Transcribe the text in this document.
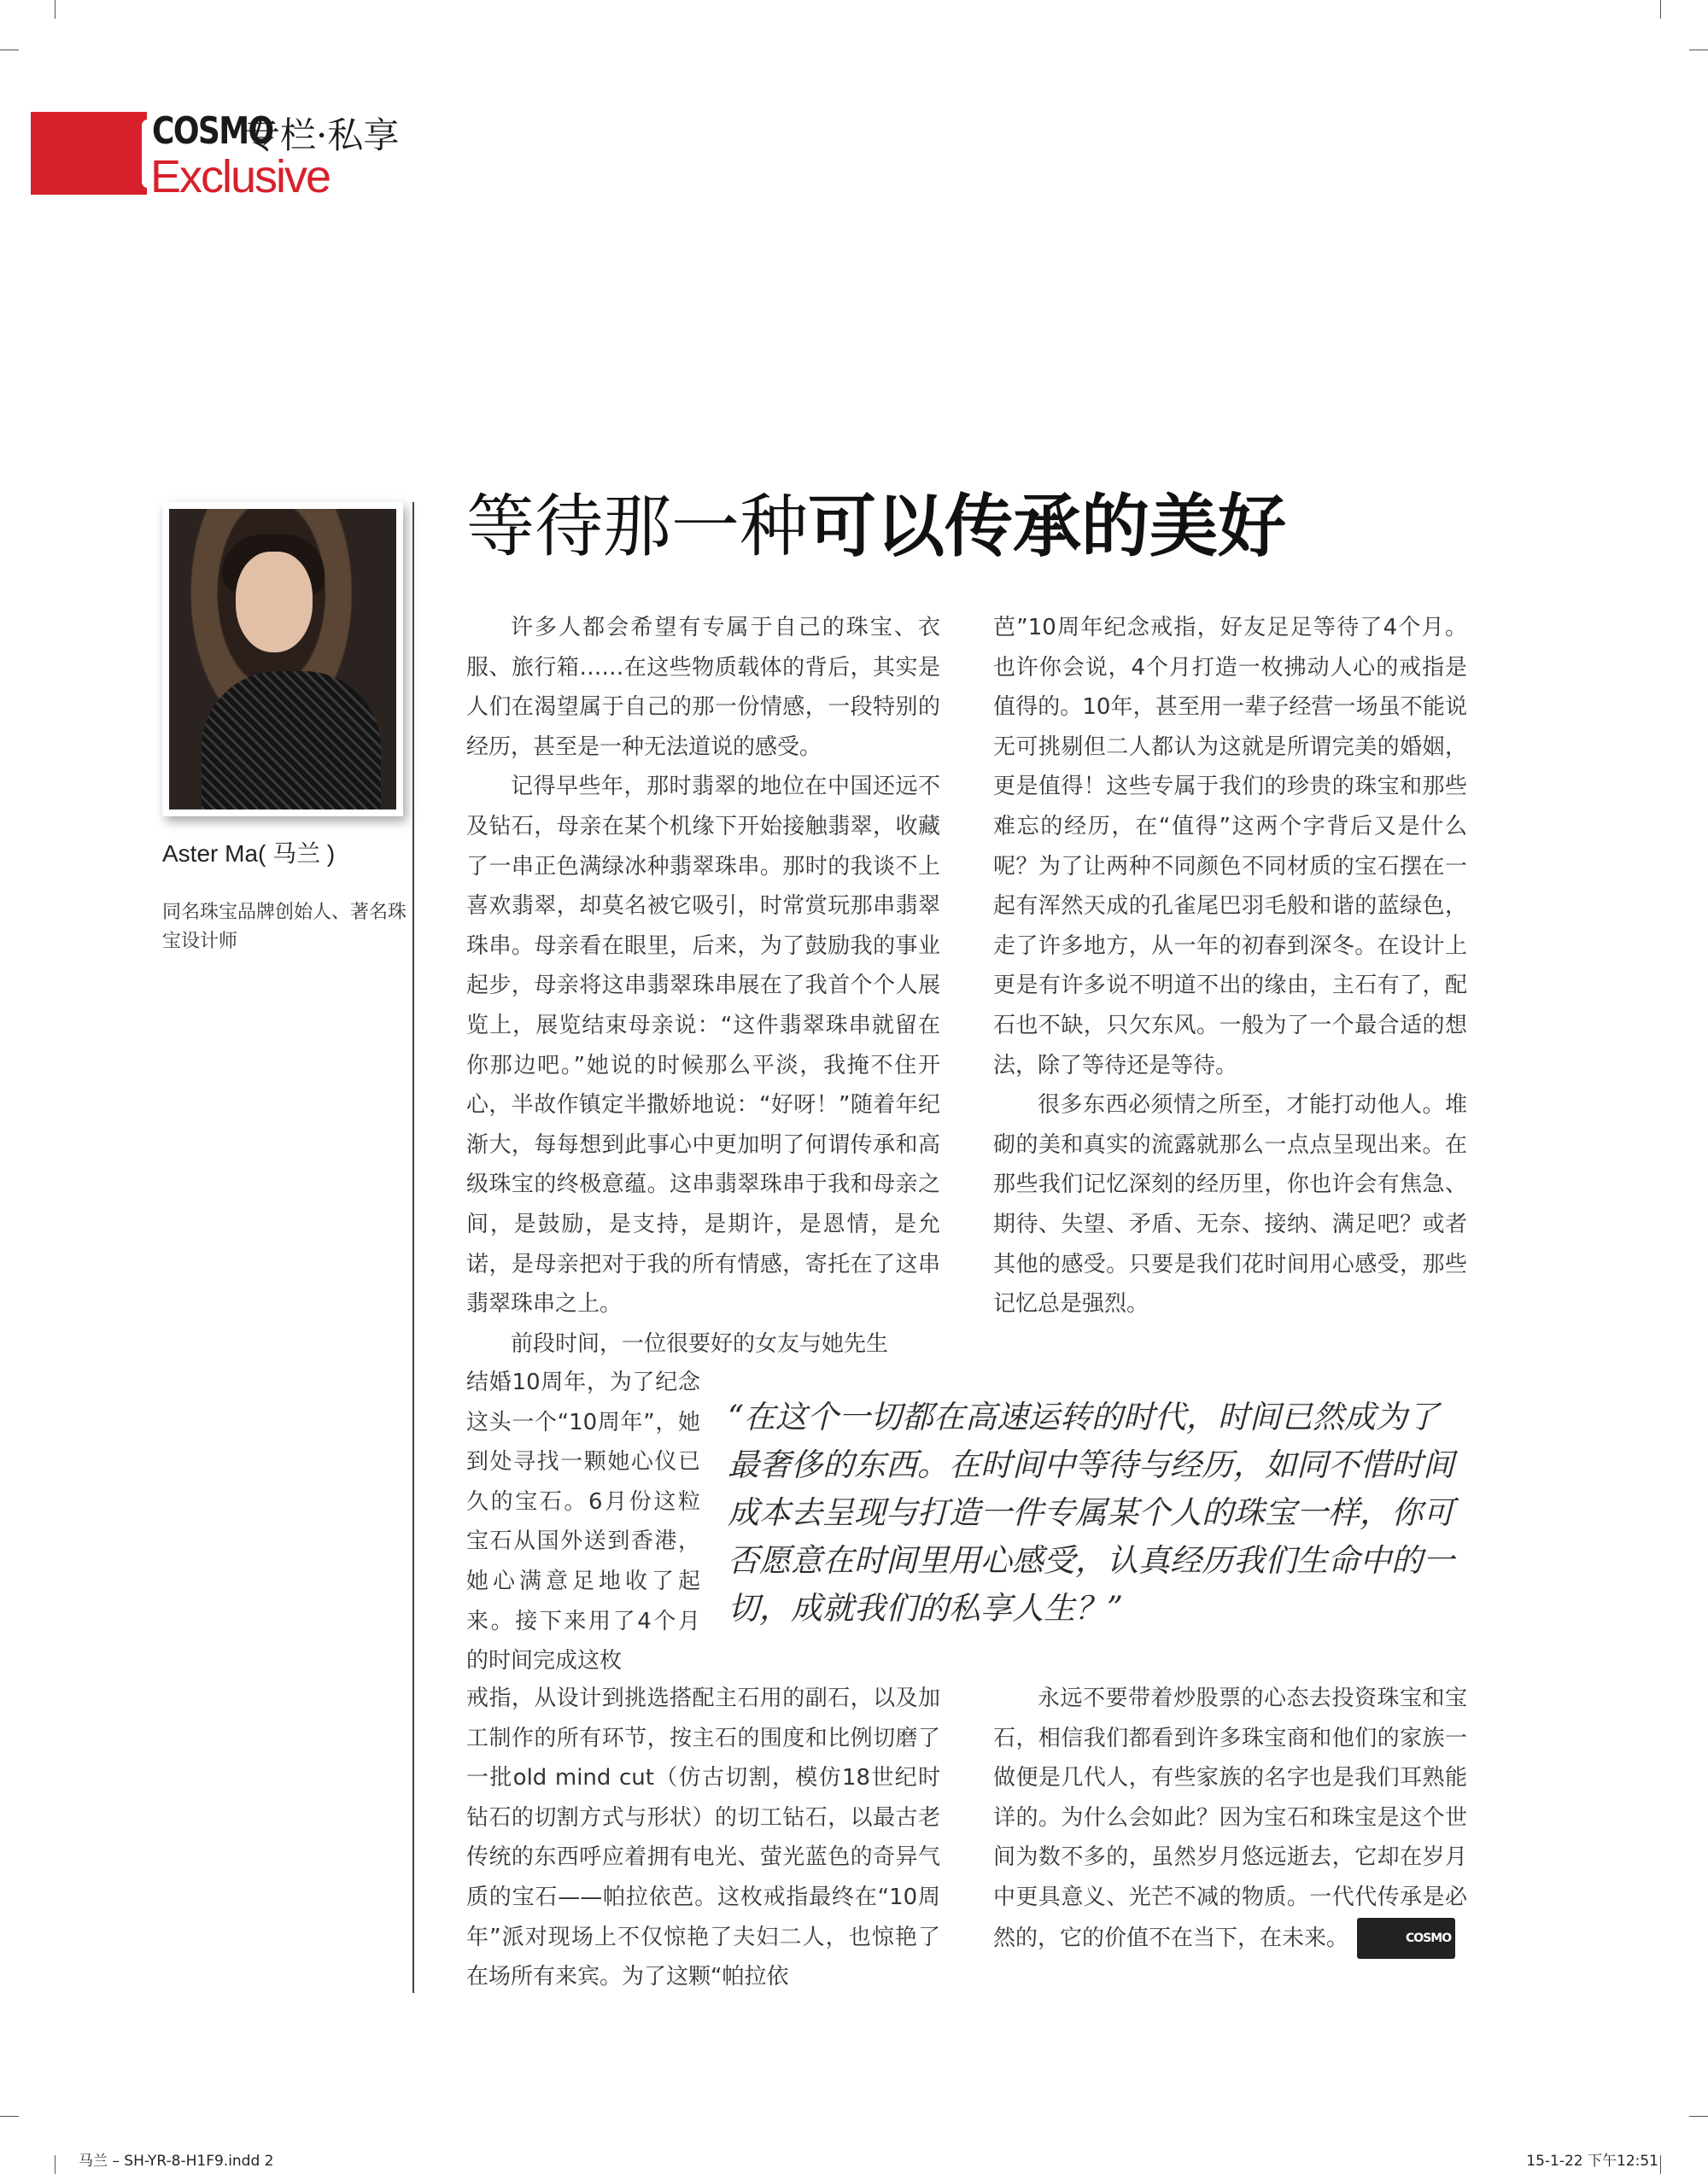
COSMO
专栏·私享
Exclusive
Aster Ma( 马兰 )
同名珠宝品牌创始人、著名珠宝设计师
等待那一种可以传承的美好

许多人都会希望有专属于自己的珠宝、衣服、旅行箱……在这些物质载体的背后，其实是人们在渴望属于自己的那一份情感，一段特别的经历，甚至是一种无法道说的感受。

记得早些年，那时翡翠的地位在中国还远不及钻石，母亲在某个机缘下开始接触翡翠，收藏了一串正色满绿冰种翡翠珠串。那时的我谈不上喜欢翡翠，却莫名被它吸引，时常赏玩那串翡翠珠串。母亲看在眼里，后来，为了鼓励我的事业起步，母亲将这串翡翠珠串展在了我首个个人展览上，展览结束母亲说：“这件翡翠珠串就留在你那边吧。”她说的时候那么平淡，我掩不住开心，半故作镇定半撒娇地说：“好呀！”随着年纪渐大，每每想到此事心中更加明了何谓传承和高级珠宝的终极意蕴。这串翡翠珠串于我和母亲之间，是鼓励，是支持，是期许，是恩情，是允诺，是母亲把对于我的所有情感，寄托在了这串翡翠珠串之上。

前段时间，一位很要好的女友与她先生

芭”10周年纪念戒指，好友足足等待了4个月。也许你会说，4个月打造一枚拂动人心的戒指是值得的。10年，甚至用一辈子经营一场虽不能说无可挑剔但二人都认为这就是所谓完美的婚姻，更是值得！这些专属于我们的珍贵的珠宝和那些难忘的经历，在“值得”这两个字背后又是什么呢？为了让两种不同颜色不同材质的宝石摆在一起有浑然天成的孔雀尾巴羽毛般和谐的蓝绿色，走了许多地方，从一年的初春到深冬。在设计上更是有许多说不明道不出的缘由，主石有了，配石也不缺，只欠东风。一般为了一个最合适的想法，除了等待还是等待。

很多东西必须情之所至，才能打动他人。堆砌的美和真实的流露就那么一点点呈现出来。在那些我们记忆深刻的经历里，你也许会有焦急、期待、失望、矛盾、无奈、接纳、满足吧？或者其他的感受。只要是我们花时间用心感受，那些记忆总是强烈。

结婚10周年，为了纪念这头一个“10周年”，她到处寻找一颗她心仪已久的宝石。6月份这粒宝石从国外送到香港，她心满意足地收了起来。接下来用了4个月的时间完成这枚

“在这个一切都在高速运转的时代，时间已然成为了最奢侈的东西。在时间中等待与经历，如同不惜时间成本去呈现与打造一件专属某个人的珠宝一样，你可否愿意在时间里用心感受，认真经历我们生命中的一切，成就我们的私享人生？”

戒指，从设计到挑选搭配主石用的副石，以及加工制作的所有环节，按主石的围度和比例切磨了一批old mind cut（仿古切割，模仿18世纪时钻石的切割方式与形状）的切工钻石，以最古老传统的东西呼应着拥有电光、萤光蓝色的奇异气质的宝石——帕拉依芭。这枚戒指最终在“10周年”派对现场上不仅惊艳了夫妇二人，也惊艳了在场所有来宾。为了这颗“帕拉依

永远不要带着炒股票的心态去投资珠宝和宝石，相信我们都看到许多珠宝商和他们的家族一做便是几代人，有些家族的名字也是我们耳熟能详的。为什么会如此？因为宝石和珠宝是这个世间为数不多的，虽然岁月悠远逝去，它却在岁月中更具意义、光芒不减的物质。一代代传承是必然的，它的价值不在当下，在未来。	COSMO

马兰 – SH-YR-8-H1F9.indd 2	15-1-22 下午12:51
